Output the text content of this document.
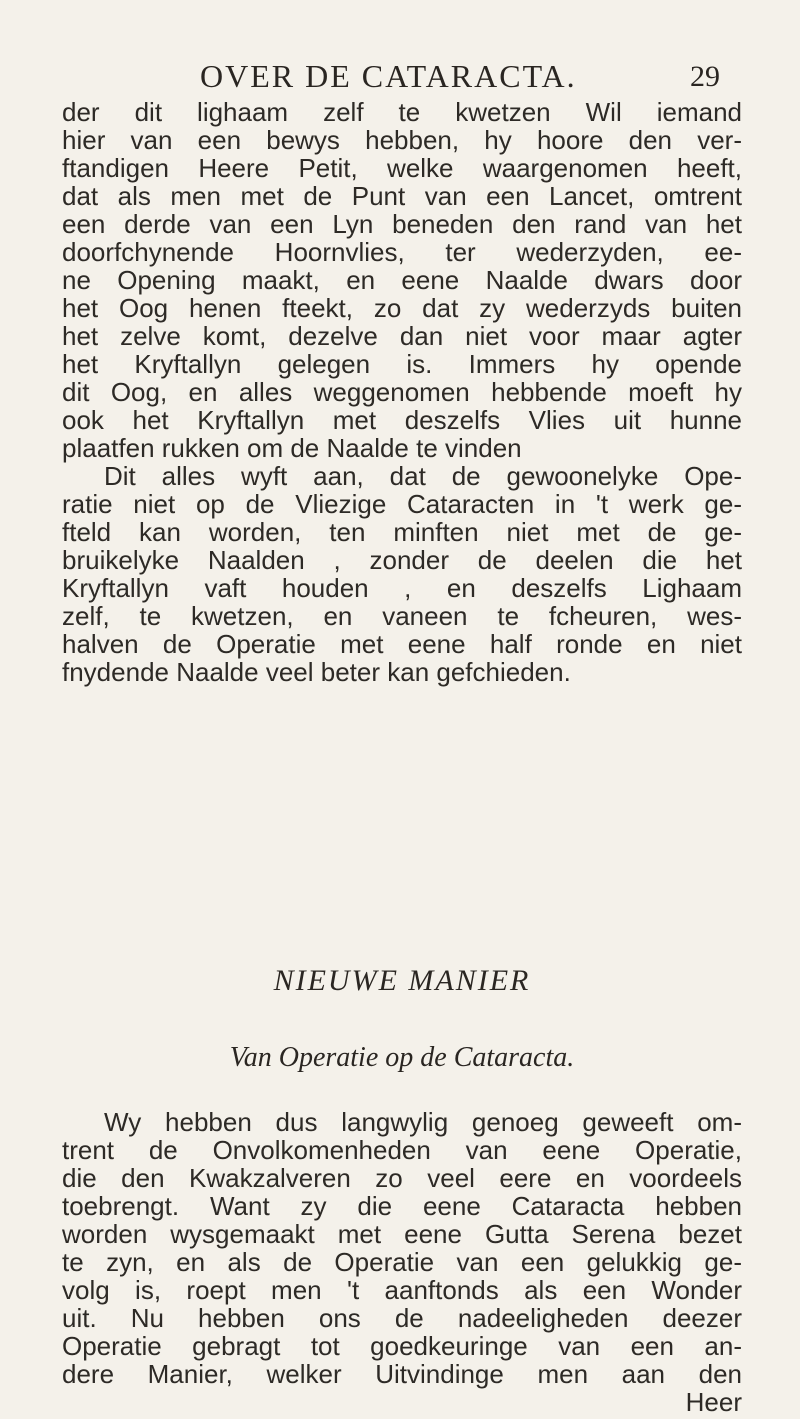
OVER DE CATARACTA.	29
der dit lighaam zelf te kwetzen Wil iemand
hier van een bewys hebben, hy hoore den ver-
ftandigen Heere Petit, welke waargenomen heeft,
dat als men met de Punt van een Lancet, omtrent
een derde van een Lyn beneden den rand van het
doorfchynende Hoornvlies, ter wederzyden, ee-
ne Opening maakt, en eene Naalde dwars door
het Oog henen fteekt, zo dat zy wederzyds buiten
het zelve komt, dezelve dan niet voor maar agter
het Kryftallyn gelegen is. Immers hy opende
dit Oog, en alles weggenomen hebbende moeft hy
ook het Kryftallyn met deszelfs Vlies uit hunne
plaatfen rukken om de Naalde te vinden
Dit alles wyft aan, dat de gewoonelyke Ope-
ratie niet op de Vliezige Cataracten in 't werk ge-
fteld kan worden, ten minften niet met de ge-
bruikelyke Naalden , zonder de deelen die het
Kryftallyn vaft houden , en deszelfs Lighaam
zelf, te kwetzen, en vaneen te fcheuren, wes-
halven de Operatie met eene half ronde en niet
fnydende Naalde veel beter kan gefchieden.
NIEUWE MANIER
Van Operatie op de Cataracta.
Wy hebben dus langwylig genoeg geweeft om-
trent de Onvolkomenheden van eene Operatie,
die den Kwakzalveren zo veel eere en voordeels
toebrengt. Want zy die eene Cataracta hebben
worden wysgemaakt met eene Gutta Serena bezet
te zyn, en als de Operatie van een gelukkig ge-
volg is, roept men 't aanftonds als een Wonder
uit. Nu hebben ons de nadeeligheden deezer
Operatie gebragt tot goedkeuringe van een an-
dere Manier, welker Uitvindinge men aan den
Heer
